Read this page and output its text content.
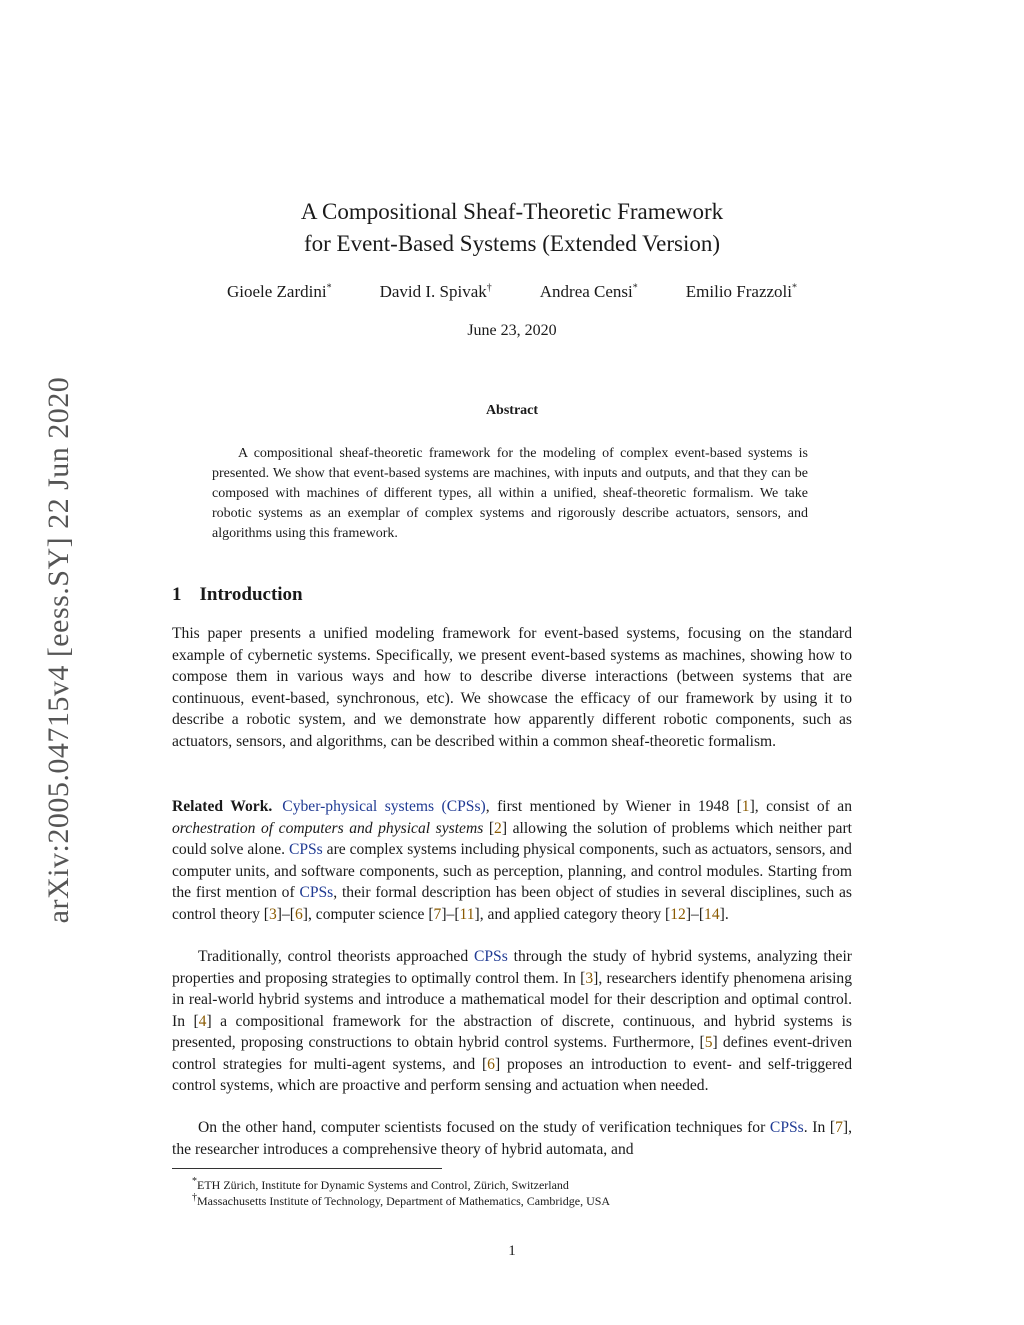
arXiv:2005.04715v4 [eess.SY] 22 Jun 2020
A Compositional Sheaf-Theoretic Framework
for Event-Based Systems (Extended Version)
Gioele Zardini*	David I. Spivak†	Andrea Censi*	Emilio Frazzoli*
June 23, 2020
Abstract
A compositional sheaf-theoretic framework for the modeling of complex event-based systems is presented. We show that event-based systems are machines, with inputs and outputs, and that they can be composed with machines of different types, all within a unified, sheaf-theoretic formalism. We take robotic systems as an exemplar of complex systems and rigorously describe actuators, sensors, and algorithms using this framework.
1 Introduction
This paper presents a unified modeling framework for event-based systems, focusing on the standard example of cybernetic systems. Specifically, we present event-based systems as machines, showing how to compose them in various ways and how to describe diverse interactions (between systems that are continuous, event-based, synchronous, etc). We showcase the efficacy of our framework by using it to describe a robotic system, and we demonstrate how apparently different robotic components, such as actuators, sensors, and algorithms, can be described within a common sheaf-theoretic formalism.
Related Work. Cyber-physical systems (CPSs), first mentioned by Wiener in 1948 [1], consist of an orchestration of computers and physical systems [2] allowing the solution of problems which neither part could solve alone. CPSs are complex systems including physical components, such as actuators, sensors, and computer units, and software components, such as perception, planning, and control modules. Starting from the first mention of CPSs, their formal description has been object of studies in several disciplines, such as control theory [3]–[6], computer science [7]–[11], and applied category theory [12]–[14].
Traditionally, control theorists approached CPSs through the study of hybrid systems, analyzing their properties and proposing strategies to optimally control them. In [3], researchers identify phenomena arising in real-world hybrid systems and introduce a mathematical model for their description and optimal control. In [4] a compositional framework for the abstraction of discrete, continuous, and hybrid systems is presented, proposing constructions to obtain hybrid control systems. Furthermore, [5] defines event-driven control strategies for multi-agent systems, and [6] proposes an introduction to event- and self-triggered control systems, which are proactive and perform sensing and actuation when needed.
On the other hand, computer scientists focused on the study of verification techniques for CPSs. In [7], the researcher introduces a comprehensive theory of hybrid automata, and
*ETH Zürich, Institute for Dynamic Systems and Control, Zürich, Switzerland
†Massachusetts Institute of Technology, Department of Mathematics, Cambridge, USA
1
